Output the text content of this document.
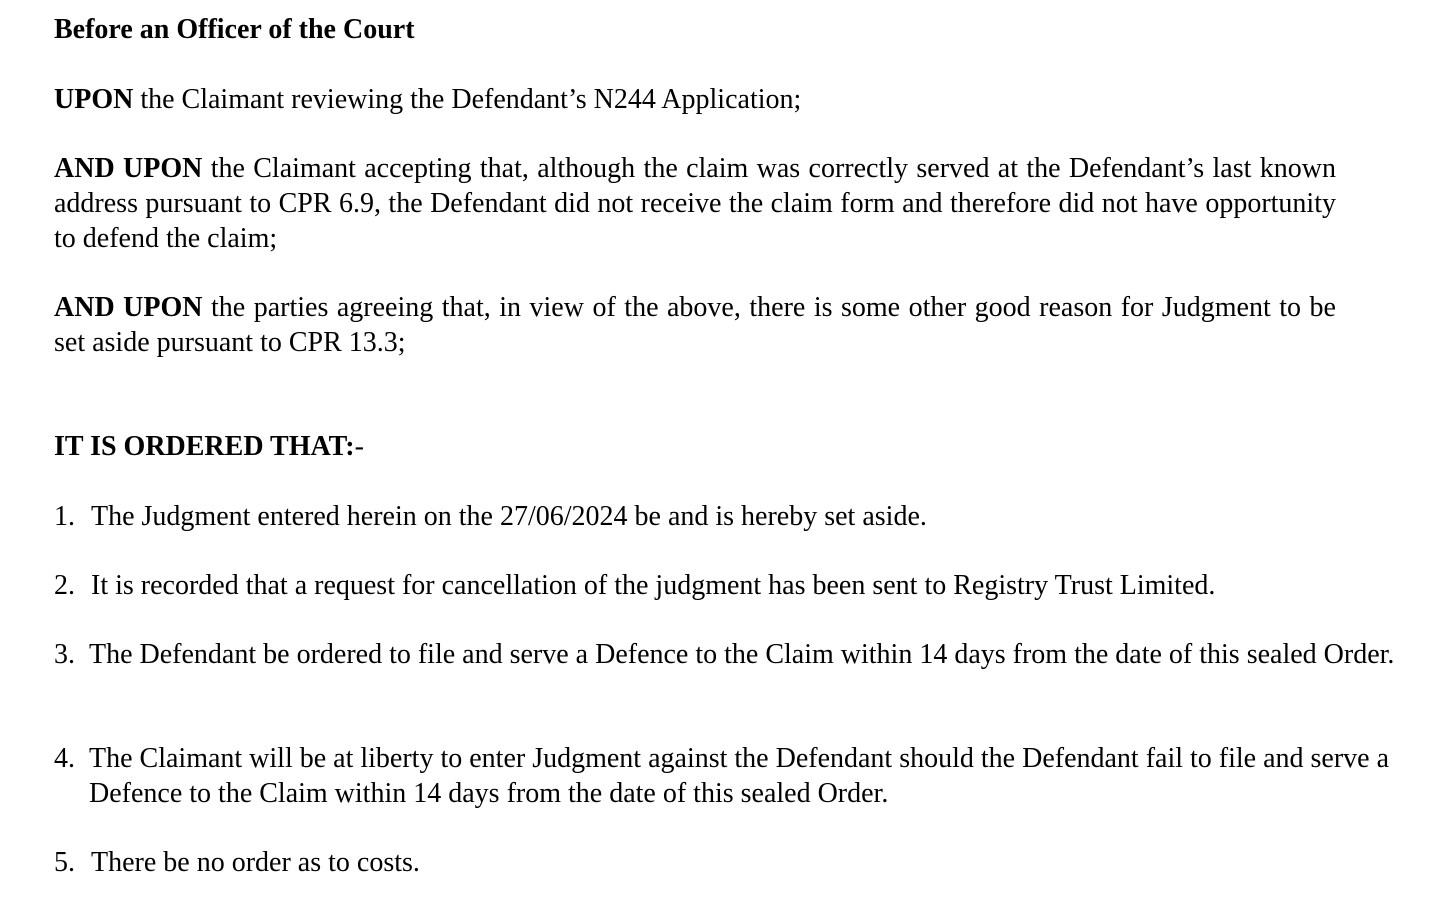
Before an Officer of the Court

UPON the Claimant reviewing the Defendant’s N244 Application;

AND UPON the Claimant accepting that, although the claim was correctly served at the Defendant’s last known address pursuant to CPR 6.9, the Defendant did not receive the claim form and therefore did not have opportunity to defend the claim;

AND UPON the parties agreeing that, in view of the above, there is some other good reason for Judgment to be set aside pursuant to CPR 13.3;

IT IS ORDERED THAT:-

1. The Judgment entered herein on the 27/06/2024 be and is hereby set aside.
2. It is recorded that a request for cancellation of the judgment has been sent to Registry Trust Limited.
3. The Defendant be ordered to file and serve a Defence to the Claim within 14 days from the date of this sealed Order.
4. The Claimant will be at liberty to enter Judgment against the Defendant should the Defendant fail to file and serve a Defence to the Claim within 14 days from the date of this sealed Order.
5. There be no order as to costs.
